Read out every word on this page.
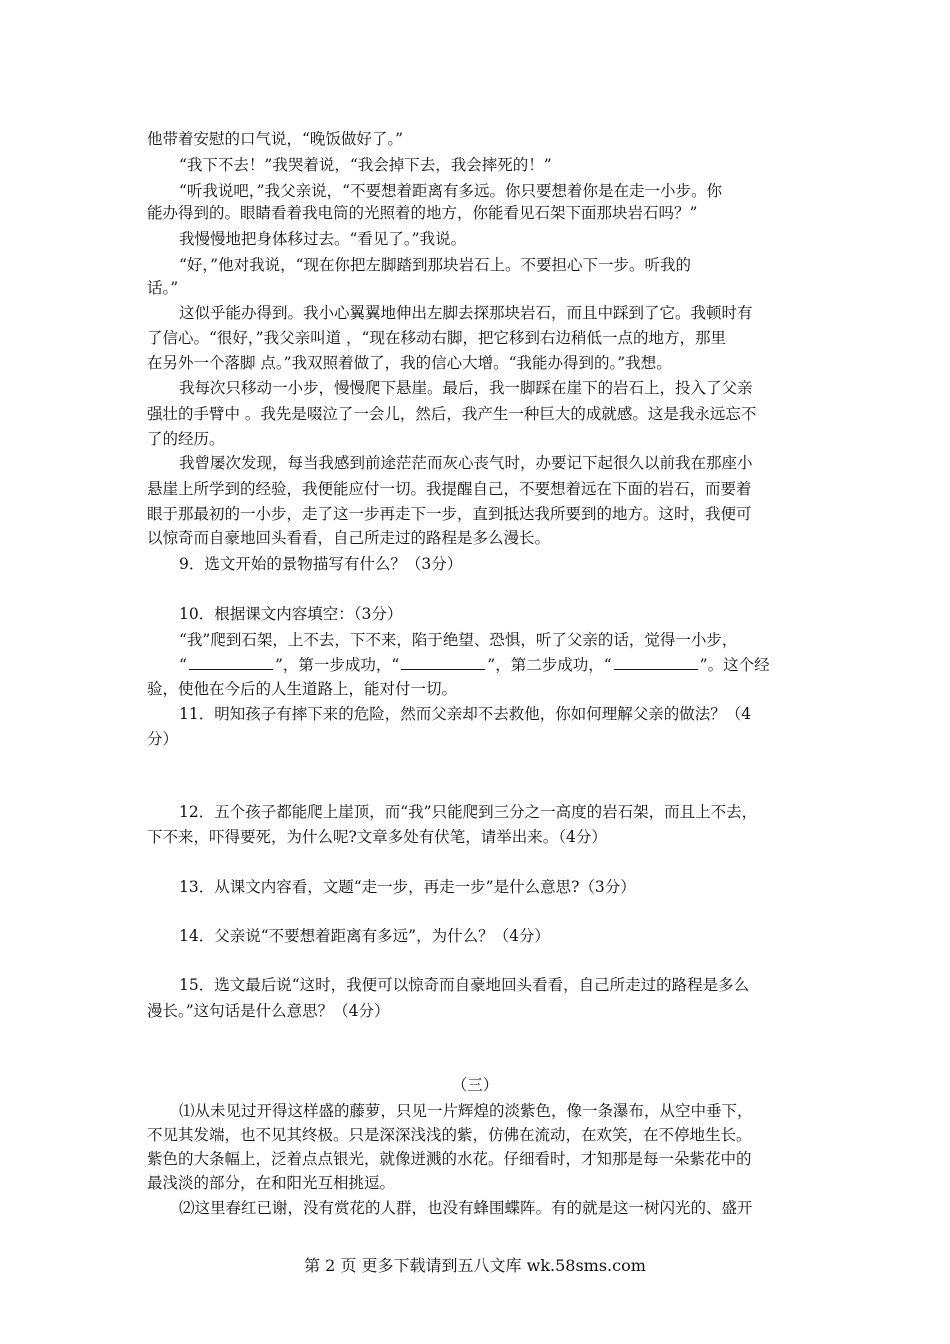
他带着安慰的口气说，“晚饭做好了。”
“我下不去！”我哭着说，“我会掉下去，我会摔死的！”
“听我说吧，”我父亲说，“不要想着距离有多远。你只要想着你是在走一小步。你
能办得到的。眼睛看着我电筒的光照着的地方，你能看见石架下面那块岩石吗？”
我慢慢地把身体移过去。“看见了。”我说。
“好，”他对我说，“现在你把左脚踏到那块岩石上。不要担心下一步。听我的
话。”
这似乎能办得到。我小心翼翼地伸出左脚去探那块岩石，而且中踩到了它。我顿时有
了信心。“很好，”我父亲叫道 ，“现在移动右脚，把它移到右边稍低一点的地方，那里
在另外一个落脚 点。”我双照着做了，我的信心大增。“我能办得到的。”我想。
我每次只移动一小步，慢慢爬下悬崖。最后，我一脚踩在崖下的岩石上，投入了父亲
强壮的手臂中 。我先是啜泣了一会儿，然后，我产生一种巨大的成就感。这是我永远忘不
了的经历。
我曾屡次发现，每当我感到前途茫茫而灰心丧气时，办要记下起很久以前我在那座小
悬崖上所学到的经验，我便能应付一切。我提醒自己，不要想着远在下面的岩石，而要着
眼于那最初的一小步，走了这一步再走下一步，直到抵达我所要到的地方。这时，我便可
以惊奇而自豪地回头看看，自己所走过的路程是多么漫长。
9．选文开始的景物描写有什么？（3分）
10．根据课文内容填空：（3分）
“我”爬到石架，上不去，下不来，陷于绝望、恐惧，听了父亲的话，觉得一小步，
“	”，第一步成功，“	”，第二步成功，“	”。这个经
验，使他在今后的人生道路上，能对付一切。
11．明知孩子有摔下来的危险，然而父亲却不去救他，你如何理解父亲的做法？（4
分）
12．五个孩子都能爬上崖顶，而“我”只能爬到三分之一高度的岩石架，而且上不去，
下不来，吓得要死，为什么呢?文章多处有伏笔，请举出来。（4分）
13．从课文内容看，文题“走一步，再走一步”是什么意思?（3分）
14．父亲说“不要想着距离有多远”，为什么？（4分）
15．选文最后说“这时，我便可以惊奇而自豪地回头看看，自己所走过的路程是多么
漫长。”这句话是什么意思？（4分）
（三）
⑴从未见过开得这样盛的藤萝，只见一片辉煌的淡紫色，像一条瀑布，从空中垂下，
不见其发端，也不见其终极。只是深深浅浅的紫，仿佛在流动，在欢笑，在不停地生长。
紫色的大条幅上，泛着点点银光，就像迸溅的水花。仔细看时，才知那是每一朵紫花中的
最浅淡的部分，在和阳光互相挑逗。
⑵这里春红已谢，没有赏花的人群，也没有蜂围蝶阵。有的就是这一树闪光的、盛开
第 2 页 更多下载请到五八文库 wk.58sms.com
